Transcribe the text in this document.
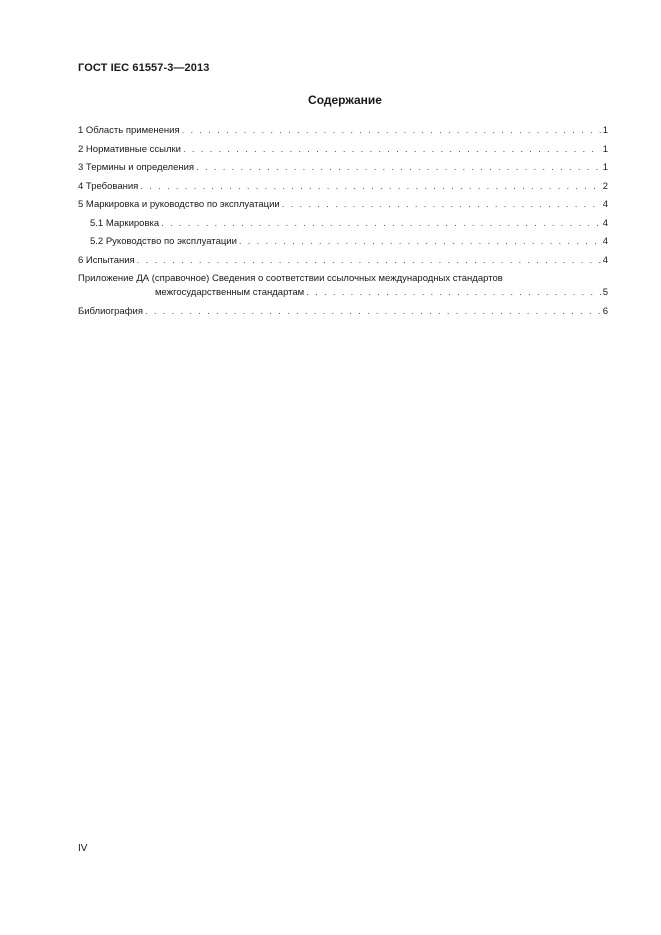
ГОСТ IEC 61557-3—2013
Содержание
1 Область применения . . .	1
2 Нормативные ссылки . . .	1
3 Термины и определения . . .	1
4 Требования . . .	2
5 Маркировка и руководство по эксплуатации . . .	4
5.1 Маркировка . . .	4
5.2 Руководство по эксплуатации . . .	4
6 Испытания . . .	4
Приложение ДА (справочное) Сведения о соответствии ссылочных международных стандартов
межгосударственным стандартам . . .	5
Библиография . . .	6
IV
